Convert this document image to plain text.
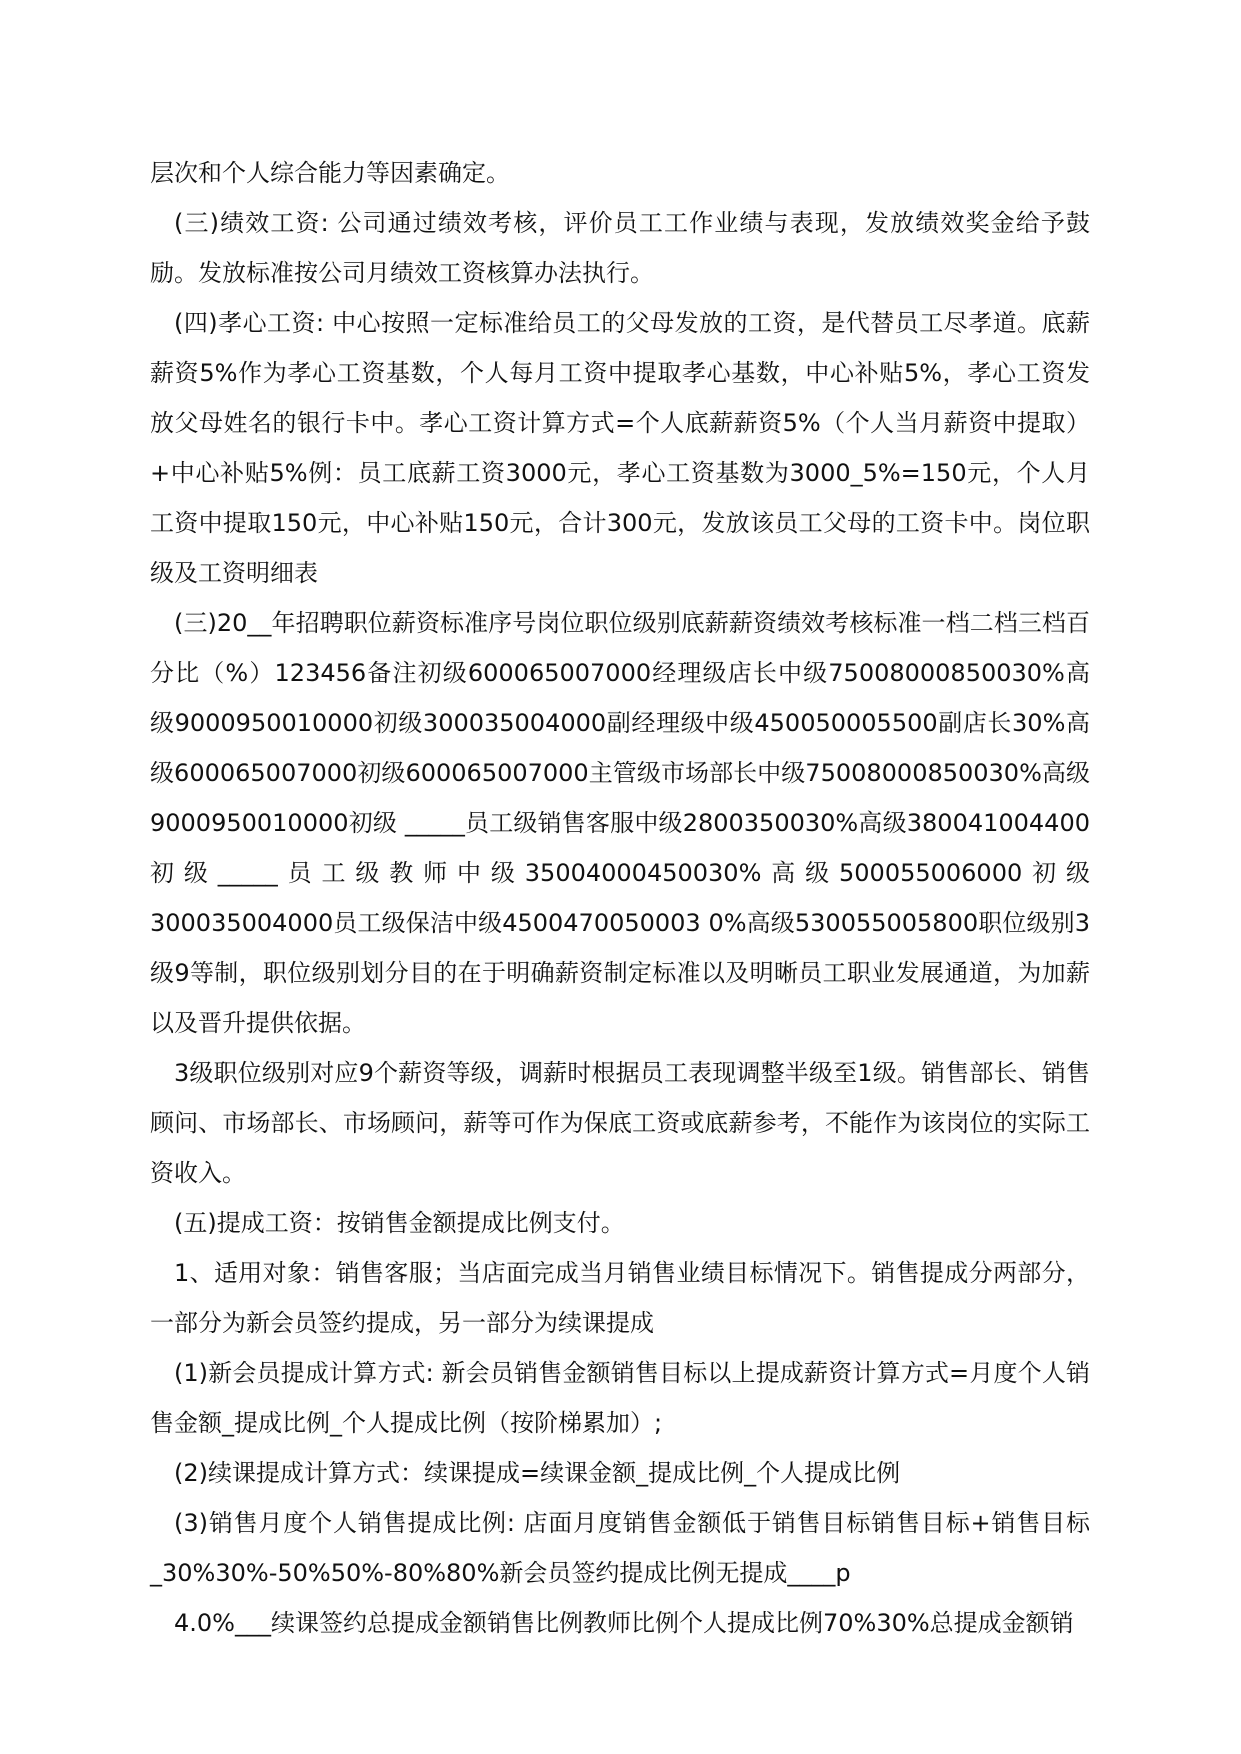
层次和个人综合能力等因素确定。

(三)绩效工资: 公司通过绩效考核，评价员工工作业绩与表现，发放绩效奖金给予鼓励。发放标准按公司月绩效工资核算办法执行。

(四)孝心工资: 中心按照一定标准给员工的父母发放的工资，是代替员工尽孝道。底薪薪资5%作为孝心工资基数，个人每月工资中提取孝心基数，中心补贴5%，孝心工资发放父母姓名的银行卡中。孝心工资计算方式=个人底薪薪资5%（个人当月薪资中提取）+中心补贴5%例：员工底薪工资3000元，孝心工资基数为3000_5%=150元，个人月工资中提取150元，中心补贴150元，合计300元，发放该员工父母的工资卡中。岗位职级及工资明细表

(三)20__年招聘职位薪资标准序号岗位职位级别底薪薪资绩效考核标准一档二档三档百分比（%）123456备注初级600065007000经理级店长中级75008000850030%高级9000950010000初级300035004000副经理级中级450050005500副店长30%高级600065007000初级600065007000主管级市场部长中级75008000850030%高级9000950010000初级 _____员工级销售客服中级2800350030%高级380041004400初级_____员工级教师中级35004000450030%高级500055006000初级300035004000员工级保洁中级4500470050003 0%高级530055005800职位级别3级9等制，职位级别划分目的在于明确薪资制定标准以及明晰员工职业发展通道，为加薪以及晋升提供依据。

3级职位级别对应9个薪资等级，调薪时根据员工表现调整半级至1级。销售部长、销售顾问、市场部长、市场顾问，薪等可作为保底工资或底薪参考，不能作为该岗位的实际工资收入。

(五)提成工资：按销售金额提成比例支付。

1、适用对象：销售客服；当店面完成当月销售业绩目标情况下。销售提成分两部分，一部分为新会员签约提成，另一部分为续课提成

(1)新会员提成计算方式: 新会员销售金额销售目标以上提成薪资计算方式=月度个人销售金额_提成比例_个人提成比例（按阶梯累加）;

(2)续课提成计算方式：续课提成=续课金额_提成比例_个人提成比例

(3)销售月度个人销售提成比例: 店面月度销售金额低于销售目标销售目标+销售目标_30%30%-50%50%-80%80%新会员签约提成比例无提成____p

4.0%___续课签约总提成金额销售比例教师比例个人提成比例70%30%总提成金额销
